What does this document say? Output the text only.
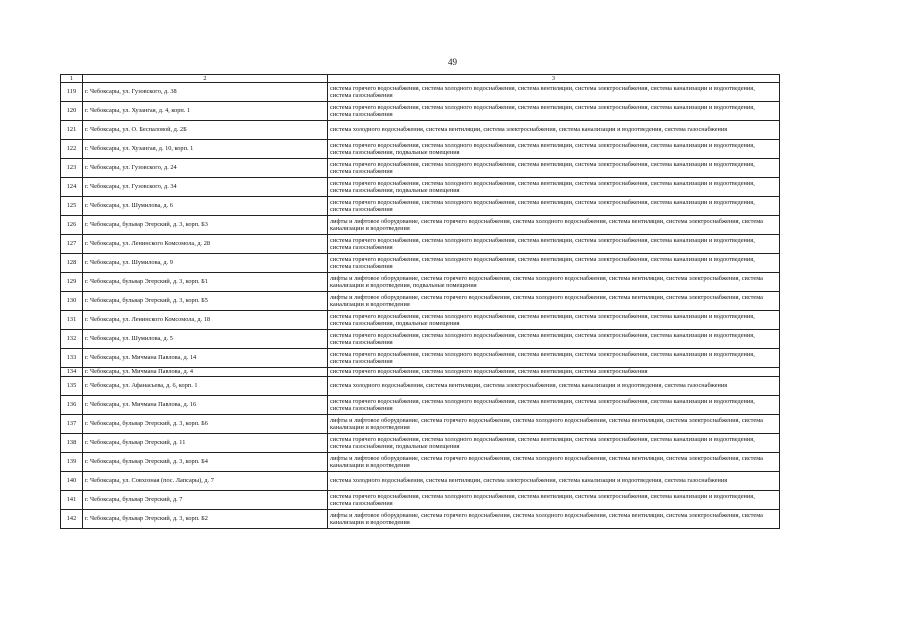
49
1	2	3
119	г. Чебоксары, ул. Гузовского, д. 38	система горячего водоснабжения, система холодного водоснабжения, система вентиляции, система электроснабжения, система канализации и водоотведения, система газоснабжения
120	г. Чебоксары, ул. Хузангая, д. 4, корп. 1	система горячего водоснабжения, система холодного водоснабжения, система вентиляции, система электроснабжения, система канализации и водоотведения, система газоснабжения
121	г. Чебоксары, ул. О. Беспаловой, д. 2Б	система холодного водоснабжения, система вентиляции, система электроснабжения, система канализации и водоотведения, система газоснабжения
122	г. Чебоксары, ул. Хузангая, д. 10, корп. 1	система горячего водоснабжения, система холодного водоснабжения, система вентиляции, система электроснабжения, система канализации и водоотведения, система газоснабжения, подвальные помещения
123	г. Чебоксары, ул. Гузовского, д. 24	система горячего водоснабжения, система холодного водоснабжения, система вентиляции, система электроснабжения, система канализации и водоотведения, система газоснабжения
124	г. Чебоксары, ул. Гузовского, д. 34	система горячего водоснабжения, система холодного водоснабжения, система вентиляции, система электроснабжения, система канализации и водоотведения, система газоснабжения, подвальные помещения
125	г. Чебоксары, ул. Шумилова, д. 6	система горячего водоснабжения, система холодного водоснабжения, система вентиляции, система электроснабжения, система канализации и водоотведения, система газоснабжения
126	г. Чебоксары, бульвар Эгерский, д. 3, корп. Б3	лифты и лифтовое оборудование, система горячего водоснабжения, система холодного водоснабжения, система вентиляции, система электроснабжения, система канализации и водоотведения
127	г. Чебоксары, ул. Ленинского Комсомола, д. 28	система горячего водоснабжения, система холодного водоснабжения, система вентиляции, система электроснабжения, система канализации и водоотведения, система газоснабжения
128	г. Чебоксары, ул. Шумилова, д. 9	система горячего водоснабжения, система холодного водоснабжения, система вентиляции, система электроснабжения, система канализации и водоотведения, система газоснабжения
129	г. Чебоксары, бульвар Эгерский, д. 3, корп. Б1	лифты и лифтовое оборудование, система горячего водоснабжения, система холодного водоснабжения, система вентиляции, система электроснабжения, система канализации и водоотведения, подвальные помещения
130	г. Чебоксары, бульвар Эгерский, д. 3, корп. Б5	лифты и лифтовое оборудование, система горячего водоснабжения, система холодного водоснабжения, система вентиляции, система электроснабжения, система канализации и водоотведения
131	г. Чебоксары, ул. Ленинского Комсомола, д. 18	система горячего водоснабжения, система холодного водоснабжения, система вентиляции, система электроснабжения, система канализации и водоотведения, система газоснабжения, подвальные помещения
132	г. Чебоксары, ул. Шумилова, д. 5	система горячего водоснабжения, система холодного водоснабжения, система вентиляции, система электроснабжения, система канализации и водоотведения, система газоснабжения
133	г. Чебоксары, ул. Мичмана Павлова, д. 14	система горячего водоснабжения, система холодного водоснабжения, система вентиляции, система электроснабжения, система канализации и водоотведения, система газоснабжения
134	г. Чебоксары, ул. Мичмана Павлова, д. 4	система горячего водоснабжения, система холодного водоснабжения, система вентиляции, система электроснабжения
135	г. Чебоксары, ул. Афанасьева, д. 6, корп. 1	система холодного водоснабжения, система вентиляции, система электроснабжения, система канализации и водоотведения, система газоснабжения
136	г. Чебоксары, ул. Мичмана Павлова, д. 16	система горячего водоснабжения, система холодного водоснабжения, система вентиляции, система электроснабжения, система канализации и водоотведения, система газоснабжения
137	г. Чебоксары, бульвар Эгерский, д. 3, корп. Б6	лифты и лифтовое оборудование, система горячего водоснабжения, система холодного водоснабжения, система вентиляции, система электроснабжения, система канализации и водоотведения
138	г. Чебоксары, бульвар Эгерский, д. 11	система горячего водоснабжения, система холодного водоснабжения, система вентиляции, система электроснабжения, система канализации и водоотведения, система газоснабжения, подвальные помещения
139	г. Чебоксары, бульвар Эгерский, д. 3, корп. Б4	лифты и лифтовое оборудование, система горячего водоснабжения, система холодного водоснабжения, система вентиляции, система электроснабжения, система канализации и водоотведения
140	г. Чебоксары, ул. Совхозная (пос. Лапсары), д. 7	система холодного водоснабжения, система вентиляции, система электроснабжения, система канализации и водоотведения, система газоснабжения
141	г. Чебоксары, бульвар Эгерский, д. 7	система горячего водоснабжения, система холодного водоснабжения, система вентиляции, система электроснабжения, система канализации и водоотведения, система газоснабжения
142	г. Чебоксары, бульвар Эгерский, д. 3, корп. Б2	лифты и лифтовое оборудование, система горячего водоснабжения, система холодного водоснабжения, система вентиляции, система электроснабжения, система канализации и водоотведения
